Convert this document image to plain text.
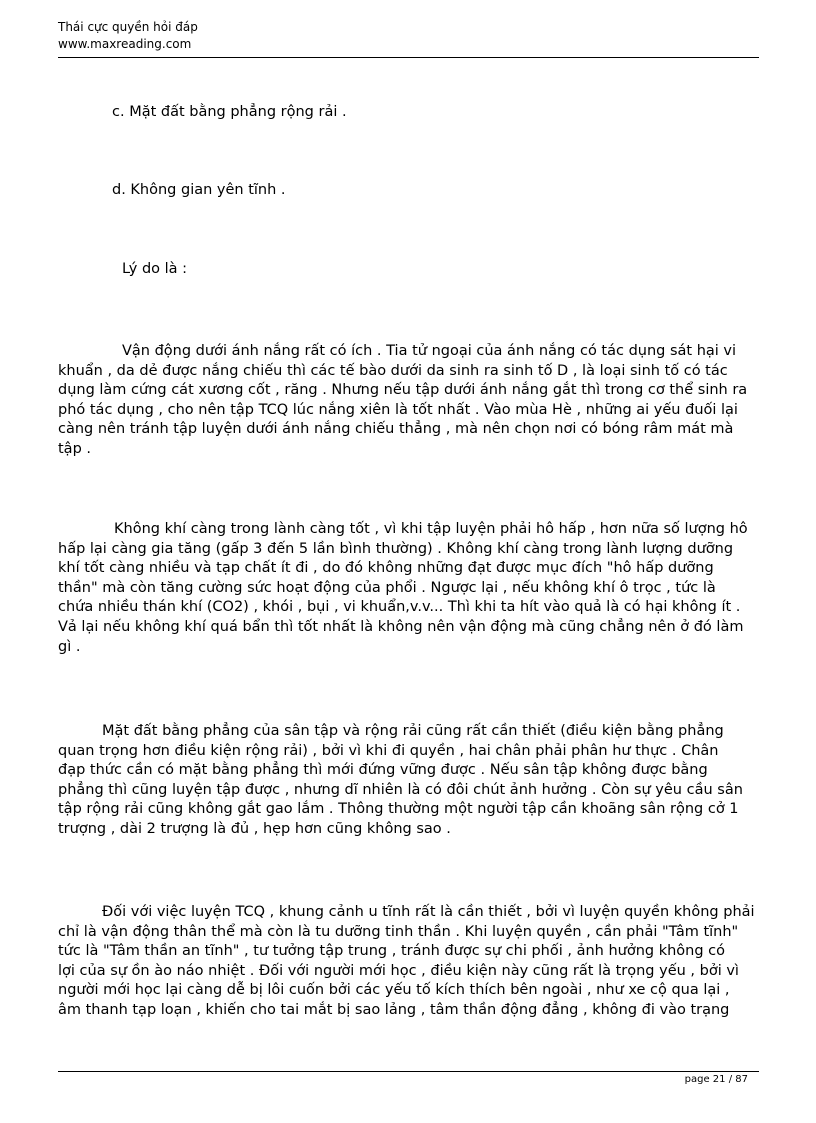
Thái cực quyền hỏi đáp
www.maxreading.com
c. Mặt đất bằng phẳng rộng rải .
d. Không gian yên tĩnh .
Lý do là :
Vận động dưới ánh nắng rất có ích . Tia tử ngoại của ánh nắng có tác dụng sát hại vi
khuẩn , da dẻ được nắng chiếu thì các tế bào dưới da sinh ra sinh tố D , là loại sinh tố có tác
dụng làm cứng cát xương cốt , răng . Nhưng nếu tập dưới ánh nắng gắt thì trong cơ thể sinh ra
phó tác dụng , cho nên tập TCQ lúc nắng xiên là tốt nhất . Vào mùa Hè , những ai yếu đuối lại
càng nên tránh tập luyện dưới ánh nắng chiếu thẳng , mà nên chọn nơi có bóng râm mát mà
tập .
Không khí càng trong lành càng tốt , vì khi tập luyện phải hô hấp , hơn nữa số lượng hô
hấp lại càng gia tăng (gấp 3 đến 5 lần bình thường) . Không khí càng trong lành lượng dưỡng
khí tốt càng nhiều và tạp chất ít đi , do đó không những đạt được mục đích "hô hấp dưỡng
thần" mà còn tăng cường sức hoạt động của phổi . Ngược lại , nếu không khí ô trọc , tức là
chứa nhiều thán khí (CO2) , khói , bụi , vi khuẩn,v.v... Thì khi ta hít vào quả là có hại không ít .
Vả lại nếu không khí quá bẩn thì tốt nhất là không nên vận động mà cũng chẳng nên ở đó làm
gì .
Mặt đất bằng phẳng của sân tập và rộng rải cũng rất cần thiết (điều kiện bằng phẳng
quan trọng hơn điều kiện rộng rải) , bởi vì khi đi quyền , hai chân phải phân hư thực . Chân
đạp thức cần có mặt bằng phẳng thì mới đứng vững được . Nếu sân tập không được bằng
phẳng thì cũng luyện tập được , nhưng dĩ nhiên là có đôi chút ảnh hưởng . Còn sự yêu cầu sân
tập rộng rải cũng không gắt gao lắm . Thông thường một người tập cần khoãng sân rộng cở 1
trượng , dài 2 trượng là đủ , hẹp hơn cũng không sao .
Đối với việc luyện TCQ , khung cảnh u tĩnh rất là cần thiết , bởi vì luyện quyền không phải
chỉ là vận động thân thể mà còn là tu dưỡng tinh thần . Khi luyện quyền , cần phải "Tâm tĩnh"
tức là "Tâm thần an tĩnh" , tư tưởng tập trung , tránh được sự chi phối , ảnh hưởng không có
lợi của sự ồn ào náo nhiệt . Đối với người mới học , điều kiện này cũng rất là trọng yếu , bởi vì
người mới học lại càng dễ bị lôi cuốn bởi các yếu tố kích thích bên ngoài , như xe cộ qua lại ,
âm thanh tạp loạn , khiến cho tai mắt bị sao lảng , tâm thần động đẳng , không đi vào trạng
page 21 / 87
